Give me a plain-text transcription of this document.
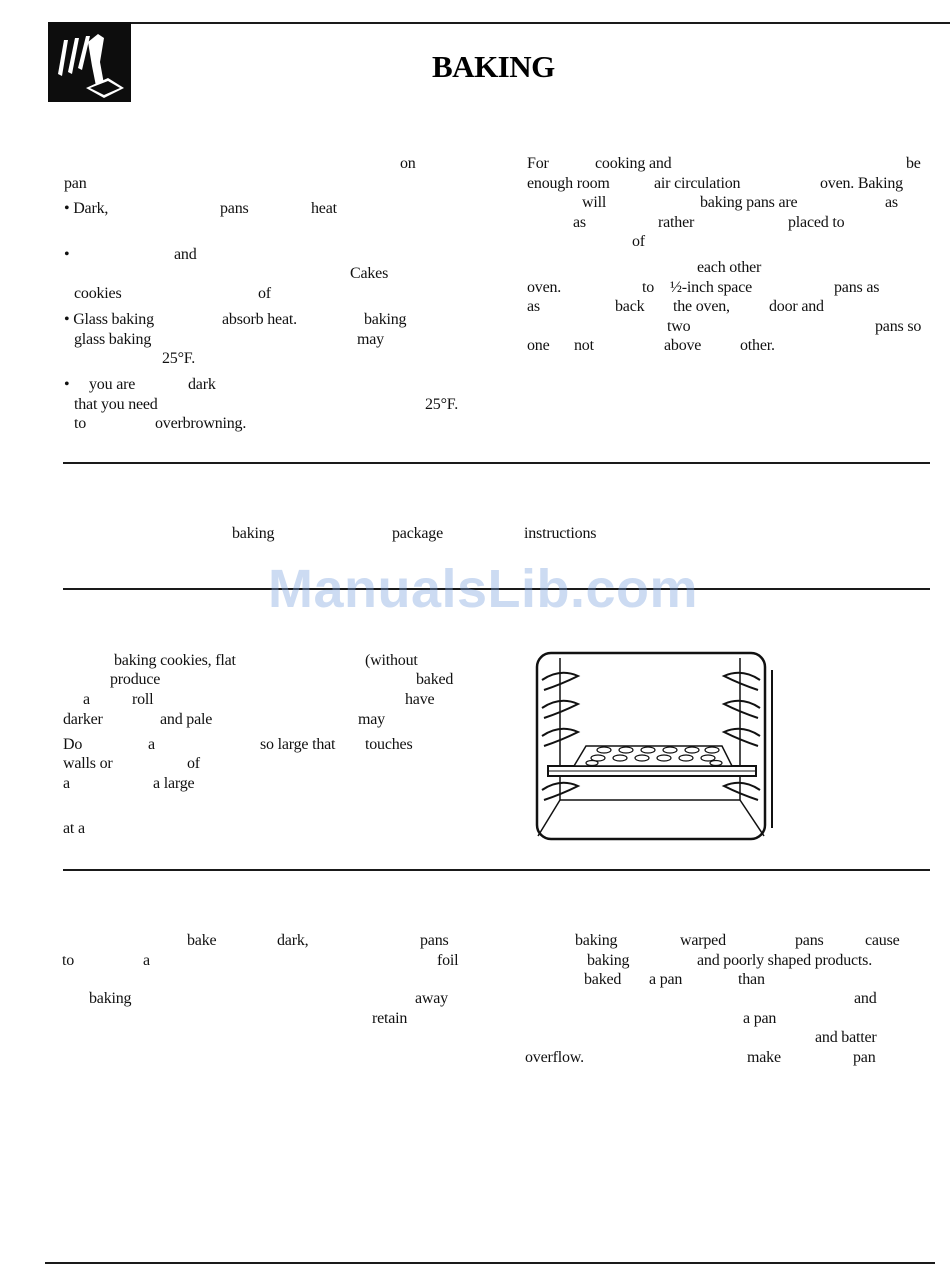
BAKING
on
pan
• Dark,	pans	heat
•	and
Cakes
cookies	of
• Glass baking	absorb heat.	baking
glass baking	may
25°F.
• you are	dark
that you need	25°F.
to	overbrowning.
For	cooking and	be
enough room	air circulation	oven. Baking
will	baking pans are	as
as	rather	placed to
of
each other
oven.	to ½-inch space	pans as
as	back the oven, door and
two	pans so
one not	above other.
baking	package	instructions
ManualsLib.com
baking cookies, flat	(without
produce	baked
a	roll	have
darker	and pale	may
Do	a	so large that touches
walls or	of
a	a large
at a
bake	dark,	pans
to	a	foil
baking	away
retain
baking	warped	pans	cause
baking	and poorly shaped products.
baked a pan	than
and
a pan
and batter
overflow.	make	pan
